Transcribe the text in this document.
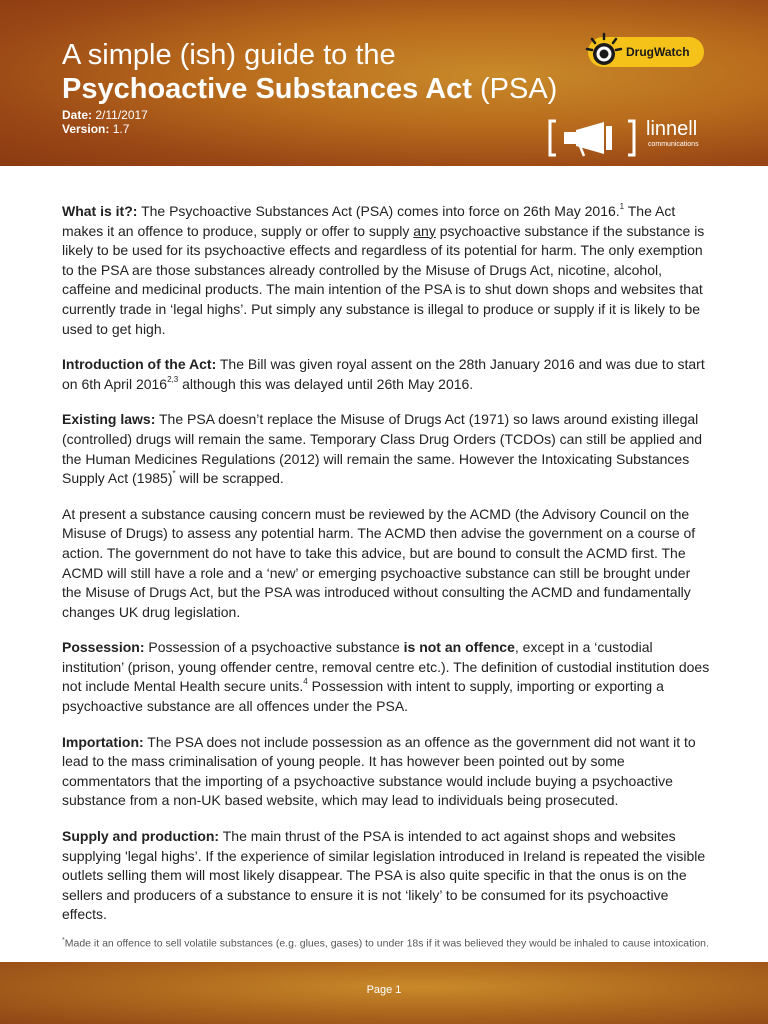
A simple (ish) guide to the
Psychoactive Substances Act (PSA)
Date: 2/11/2017
Version: 1.7
DrugWatch
linnell
communications

What is it?: The Psychoactive Substances Act (PSA) comes into force on 26th May 2016.$^1$ The Act makes it an offence to produce, supply or offer to supply any psychoactive substance if the substance is likely to be used for its psychoactive effects and regardless of its potential for harm. The only exemption to the PSA are those substances already controlled by the Misuse of Drugs Act, nicotine, alcohol, caffeine and medicinal products. The main intention of the PSA is to shut down shops and websites that currently trade in ‘legal highs’. Put simply any substance is illegal to produce or supply if it is likely to be used to get high.

Introduction of the Act: The Bill was given royal assent on the 28th January 2016 and was due to start on 6th April 2016$^{2,3}$ although this was delayed until 26th May 2016.

Existing laws: The PSA doesn’t replace the Misuse of Drugs Act (1971) so laws around existing illegal (controlled) drugs will remain the same. Temporary Class Drug Orders (TCDOs) can still be applied and the Human Medicines Regulations (2012) will remain the same. However the Intoxicating Substances Supply Act (1985)* will be scrapped.

At present a substance causing concern must be reviewed by the ACMD (the Advisory Council on the Misuse of Drugs) to assess any potential harm. The ACMD then advise the government on a course of action. The government do not have to take this advice, but are bound to consult the ACMD first. The ACMD will still have a role and a ‘new’ or emerging psychoactive substance can still be brought under the Misuse of Drugs Act, but the PSA was introduced without consulting the ACMD and fundamentally changes UK drug legislation.

Possession: Possession of a psychoactive substance is not an offence, except in a ‘custodial institution’ (prison, young offender centre, removal centre etc.). The definition of custodial institution does not include Mental Health secure units.$^4$ Possession with intent to supply, importing or exporting a psychoactive substance are all offences under the PSA.

Importation: The PSA does not include possession as an offence as the government did not want it to lead to the mass criminalisation of young people. It has however been pointed out by some commentators that the importing of a psychoactive substance would include buying a psychoactive substance from a non-UK based website, which may lead to individuals being prosecuted.

Supply and production: The main thrust of the PSA is intended to act against shops and websites supplying 'legal highs’. If the experience of similar legislation introduced in Ireland is repeated the visible outlets selling them will most likely disappear. The PSA is also quite specific in that the onus is on the sellers and producers of a substance to ensure it is not ‘likely’ to be consumed for its psychoactive effects.

*Made it an offence to sell volatile substances (e.g. glues, gases) to under 18s if it was believed they would be inhaled to cause intoxication.
Page 1
